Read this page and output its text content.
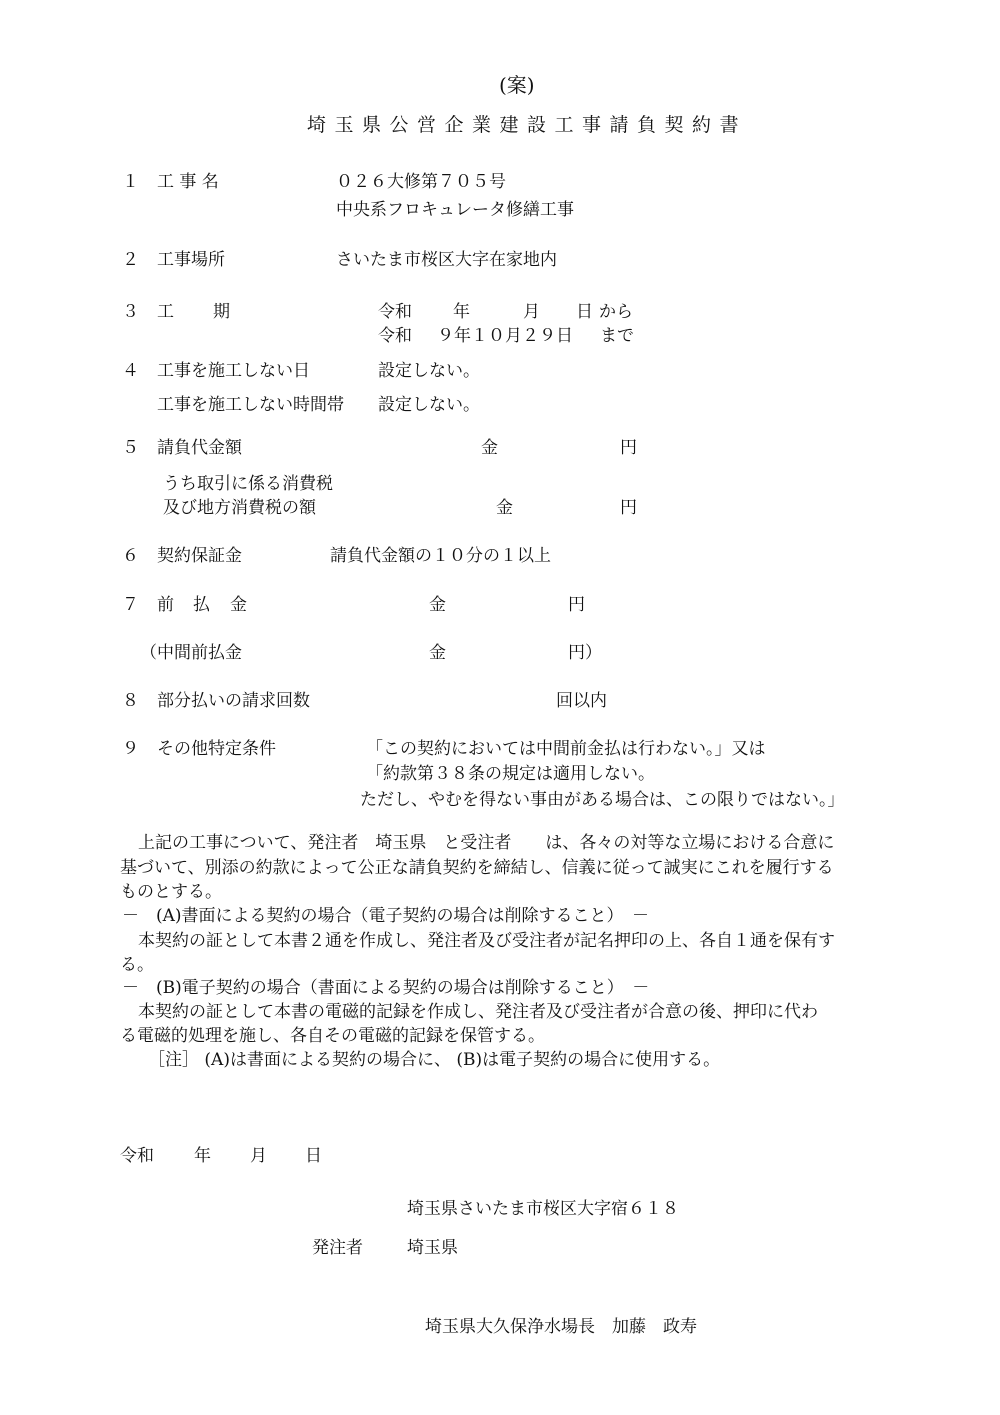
(案)
埼玉県公営企業建設工事請負契約書
１ 工 事 名	０２６大修第７０５号
中央系フロキュレータ修繕工事
２ 工事場所	さいたま市桜区大字在家地内
３ 工 期	令和 年	月 日 から
令和 ９年１０月２９日 まで
４ 工事を施工しない日	設定しない。
工事を施工しない時間帯 設定しない。
５ 請負代金額	金	円
うち取引に係る消費税
及び地方消費税の額	金	円
６ 契約保証金	請負代金額の１０分の１以上
７ 前 払 金	金	円
（中間前払金	金	円）
８ 部分払いの請求回数	回以内
９ その他特定条件	「この契約においては中間前金払は行わない。」又は
「約款第３８条の規定は適用しない。
ただし、やむを得ない事由がある場合は、この限りではない。」
上記の工事について、発注者　埼玉県　と受注者　　は、各々の対等な立場における合意に
基づいて、別添の約款によって公正な請負契約を締結し、信義に従って誠実にこれを履行する
ものとする。
－　(A)書面による契約の場合（電子契約の場合は削除すること）　－
本契約の証として本書２通を作成し、発注者及び受注者が記名押印の上、各自１通を保有す
る。
－　(B)電子契約の場合（書面による契約の場合は削除すること）　－
本契約の証として本書の電磁的記録を作成し、発注者及び受注者が合意の後、押印に代わ
る電磁的処理を施し、各自その電磁的記録を保管する。
［注］ (A)は書面による契約の場合に、 (B)は電子契約の場合に使用する。
令和 年 月 日
埼玉県さいたま市桜区大字宿６１８
発注者	埼玉県
埼玉県大久保浄水場長　加藤　政寿
